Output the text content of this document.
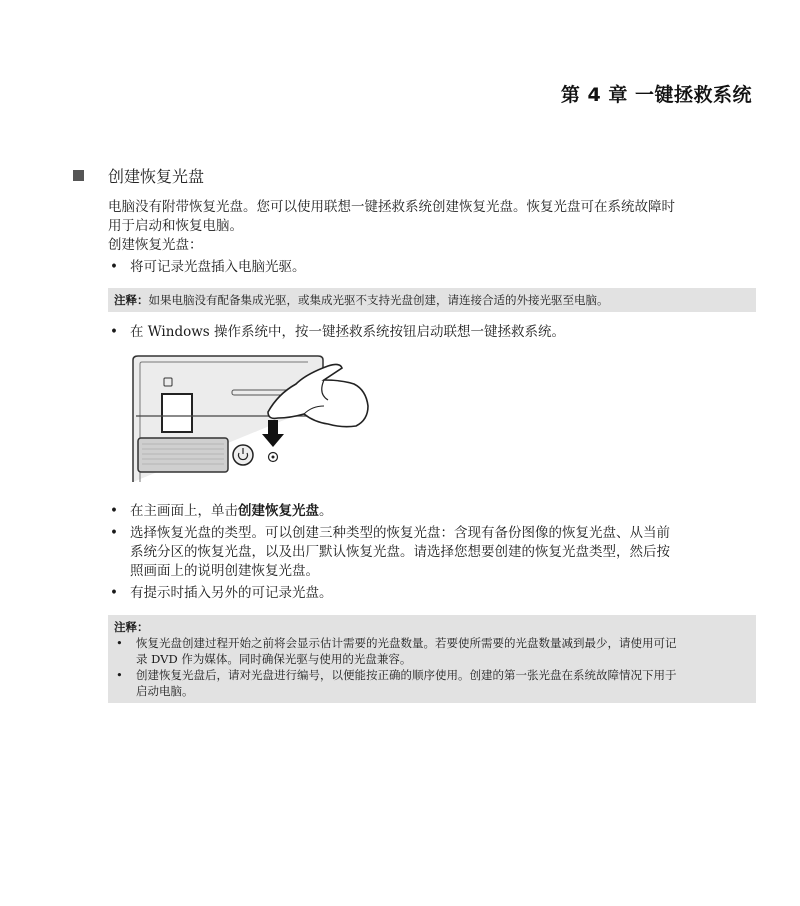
第 4 章 一键拯救系统
创建恢复光盘

电脑没有附带恢复光盘。您可以使用联想一键拯救系统创建恢复光盘。恢复光盘可在系统故障时

用于启动和恢复电脑。

创建恢复光盘：

• 将可记录光盘插入电脑光驱。

注释：如果电脑没有配备集成光驱，或集成光驱不支持光盘创建，请连接合适的外接光驱至电脑。

• 在 Windows 操作系统中，按一键拯救系统按钮启动联想一键拯救系统。

• 在主画面上，单击创建恢复光盘。

• 选择恢复光盘的类型。可以创建三种类型的恢复光盘：含现有备份图像的恢复光盘、从当前
系统分区的恢复光盘，以及出厂默认恢复光盘。请选择您想要创建的恢复光盘类型，然后按
照画面上的说明创建恢复光盘。

• 有提示时插入另外的可记录光盘。

注释：
• 恢复光盘创建过程开始之前将会显示估计需要的光盘数量。若要使所需要的光盘数量减到最少，请使用可记
录 DVD 作为媒体。同时确保光驱与使用的光盘兼容。
• 创建恢复光盘后，请对光盘进行编号，以便能按正确的顺序使用。创建的第一张光盘在系统故障情况下用于
启动电脑。
